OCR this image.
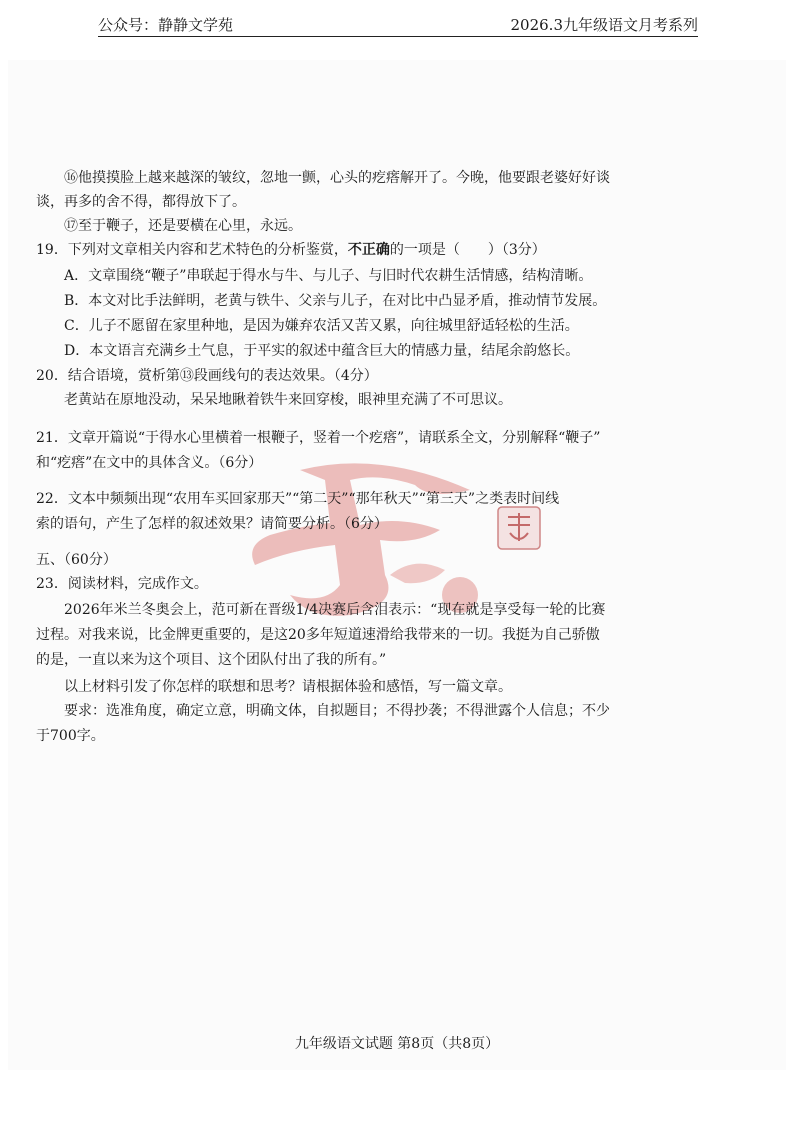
公众号：静静文学苑	2026.3九年级语文月考系列
⑯他摸摸脸上越来越深的皱纹，忽地一颤，心头的疙瘩解开了。今晚，他要跟老婆好好谈
谈，再多的舍不得，都得放下了。
⑰至于鞭子，还是要横在心里，永远。
19．下列对文章相关内容和艺术特色的分析鉴赏，不正确的一项是（　　）（3分）
A．文章围绕“鞭子”串联起于得水与牛、与儿子、与旧时代农耕生活情感，结构清晰。
B．本文对比手法鲜明，老黄与铁牛、父亲与儿子，在对比中凸显矛盾，推动情节发展。
C．儿子不愿留在家里种地，是因为嫌弃农活又苦又累，向往城里舒适轻松的生活。
D．本文语言充满乡土气息，于平实的叙述中蕴含巨大的情感力量，结尾余韵悠长。
20．结合语境，赏析第⑬段画线句的表达效果。（4分）
老黄站在原地没动，呆呆地瞅着铁牛来回穿梭，眼神里充满了不可思议。
21．文章开篇说“于得水心里横着一根鞭子，竖着一个疙瘩”，请联系全文，分别解释“鞭子”
和“疙瘩”在文中的具体含义。（6分）
22．文本中频频出现“农用车买回家那天”“第二天”“那年秋天”“第三天”之类表时间线
索的语句，产生了怎样的叙述效果？请简要分析。（6分）
五、（60分）
23．阅读材料，完成作文。
2026年米兰冬奥会上，范可新在晋级1/4决赛后含泪表示：“现在就是享受每一轮的比赛
过程。对我来说，比金牌更重要的，是这20多年短道速滑给我带来的一切。我挺为自己骄傲
的是，一直以来为这个项目、这个团队付出了我的所有。”
以上材料引发了你怎样的联想和思考？请根据体验和感悟，写一篇文章。
要求：选准角度，确定立意，明确文体，自拟题目；不得抄袭；不得泄露个人信息；不少
于700字。
九年级语文试题 第8页（共8页）
